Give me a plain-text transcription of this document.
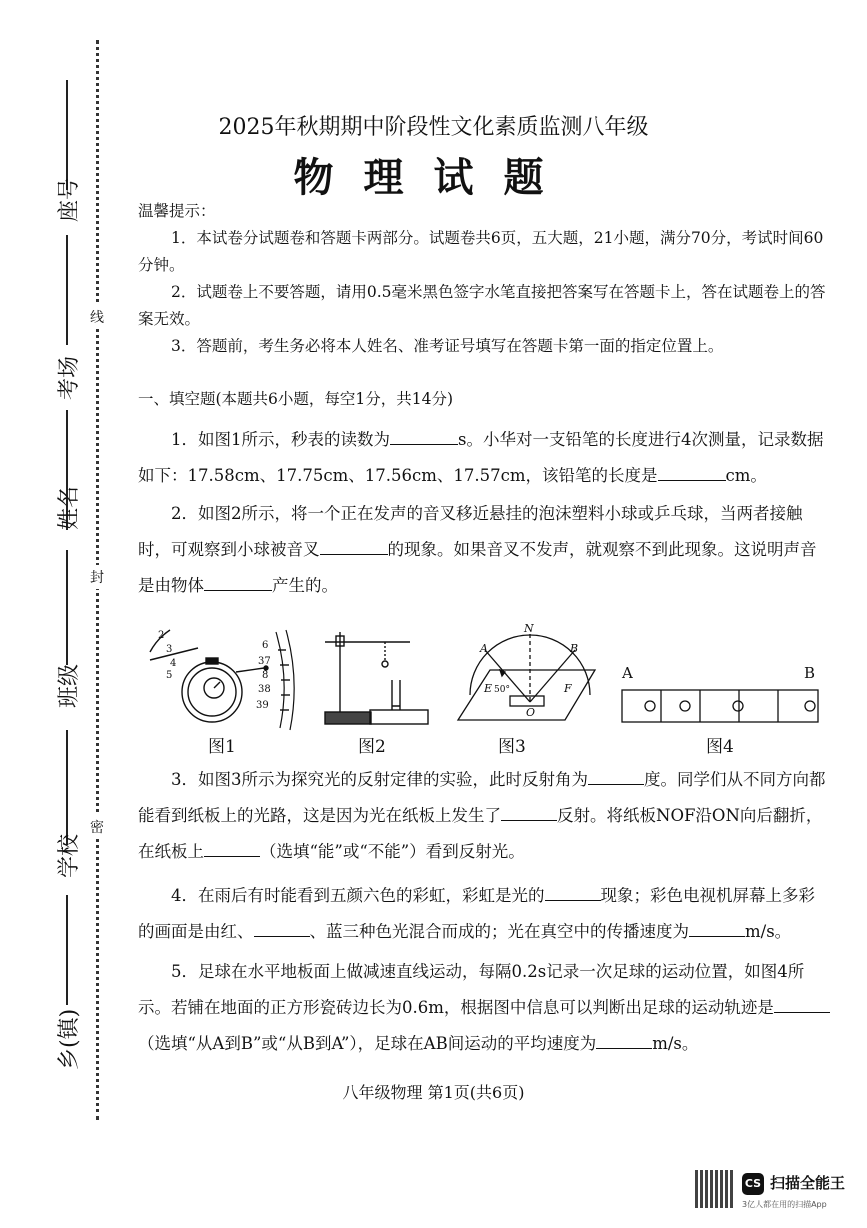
座号
考场
姓名
班级
学校
乡(镇)
线
封
密
2025年秋期期中阶段性文化素质监测八年级
物理试题
温馨提示：
1．本试卷分试题卷和答题卡两部分。试题卷共6页，五大题，21小题，满分70分，考试时间60分钟。
2．试题卷上不要答题，请用0.5毫米黑色签字水笔直接把答案写在答题卡上，答在试题卷上的答案无效。
3．答题前，考生务必将本人姓名、准考证号填写在答题卡第一面的指定位置上。
一、填空题(本题共6小题，每空1分，共14分)
1．如图1所示，秒表的读数为	s。小华对一支铅笔的长度进行4次测量，记录数据如下：17.58cm、17.75cm、17.56cm、17.57cm，该铅笔的长度是	cm。
2．如图2所示，将一个正在发声的音叉移近悬挂的泡沫塑料小球或乒乓球，当两者接触时，可观察到小球被音叉	的现象。如果音叉不发声，就观察不到此现象。这说明声音是由物体	产生的。
2
3
4
5
6
37
8
38
39
A
N
B
E 50°
O
F
A	B
图1	图2	图3	图4
3．如图3所示为探究光的反射定律的实验，此时反射角为	度。同学们从不同方向都能看到纸板上的光路，这是因为光在纸板上发生了	反射。将纸板NOF沿ON向后翻折，在纸板上	（选填“能”或“不能”）看到反射光。
4．在雨后有时能看到五颜六色的彩虹，彩虹是光的	现象；彩色电视机屏幕上多彩的画面是由红、	、蓝三种色光混合而成的；光在真空中的传播速度为	m/s。
5．足球在水平地板面上做减速直线运动，每隔0.2s记录一次足球的运动位置，如图4所示。若铺在地面的正方形瓷砖边长为0.6m，根据图中信息可以判断出足球的运动轨迹是（选填“从A到B”或“从B到A”），足球在AB间运动的平均速度为	m/s。
八年级物理 第1页(共6页)
CS 扫描全能王
3亿人都在用的扫描App
